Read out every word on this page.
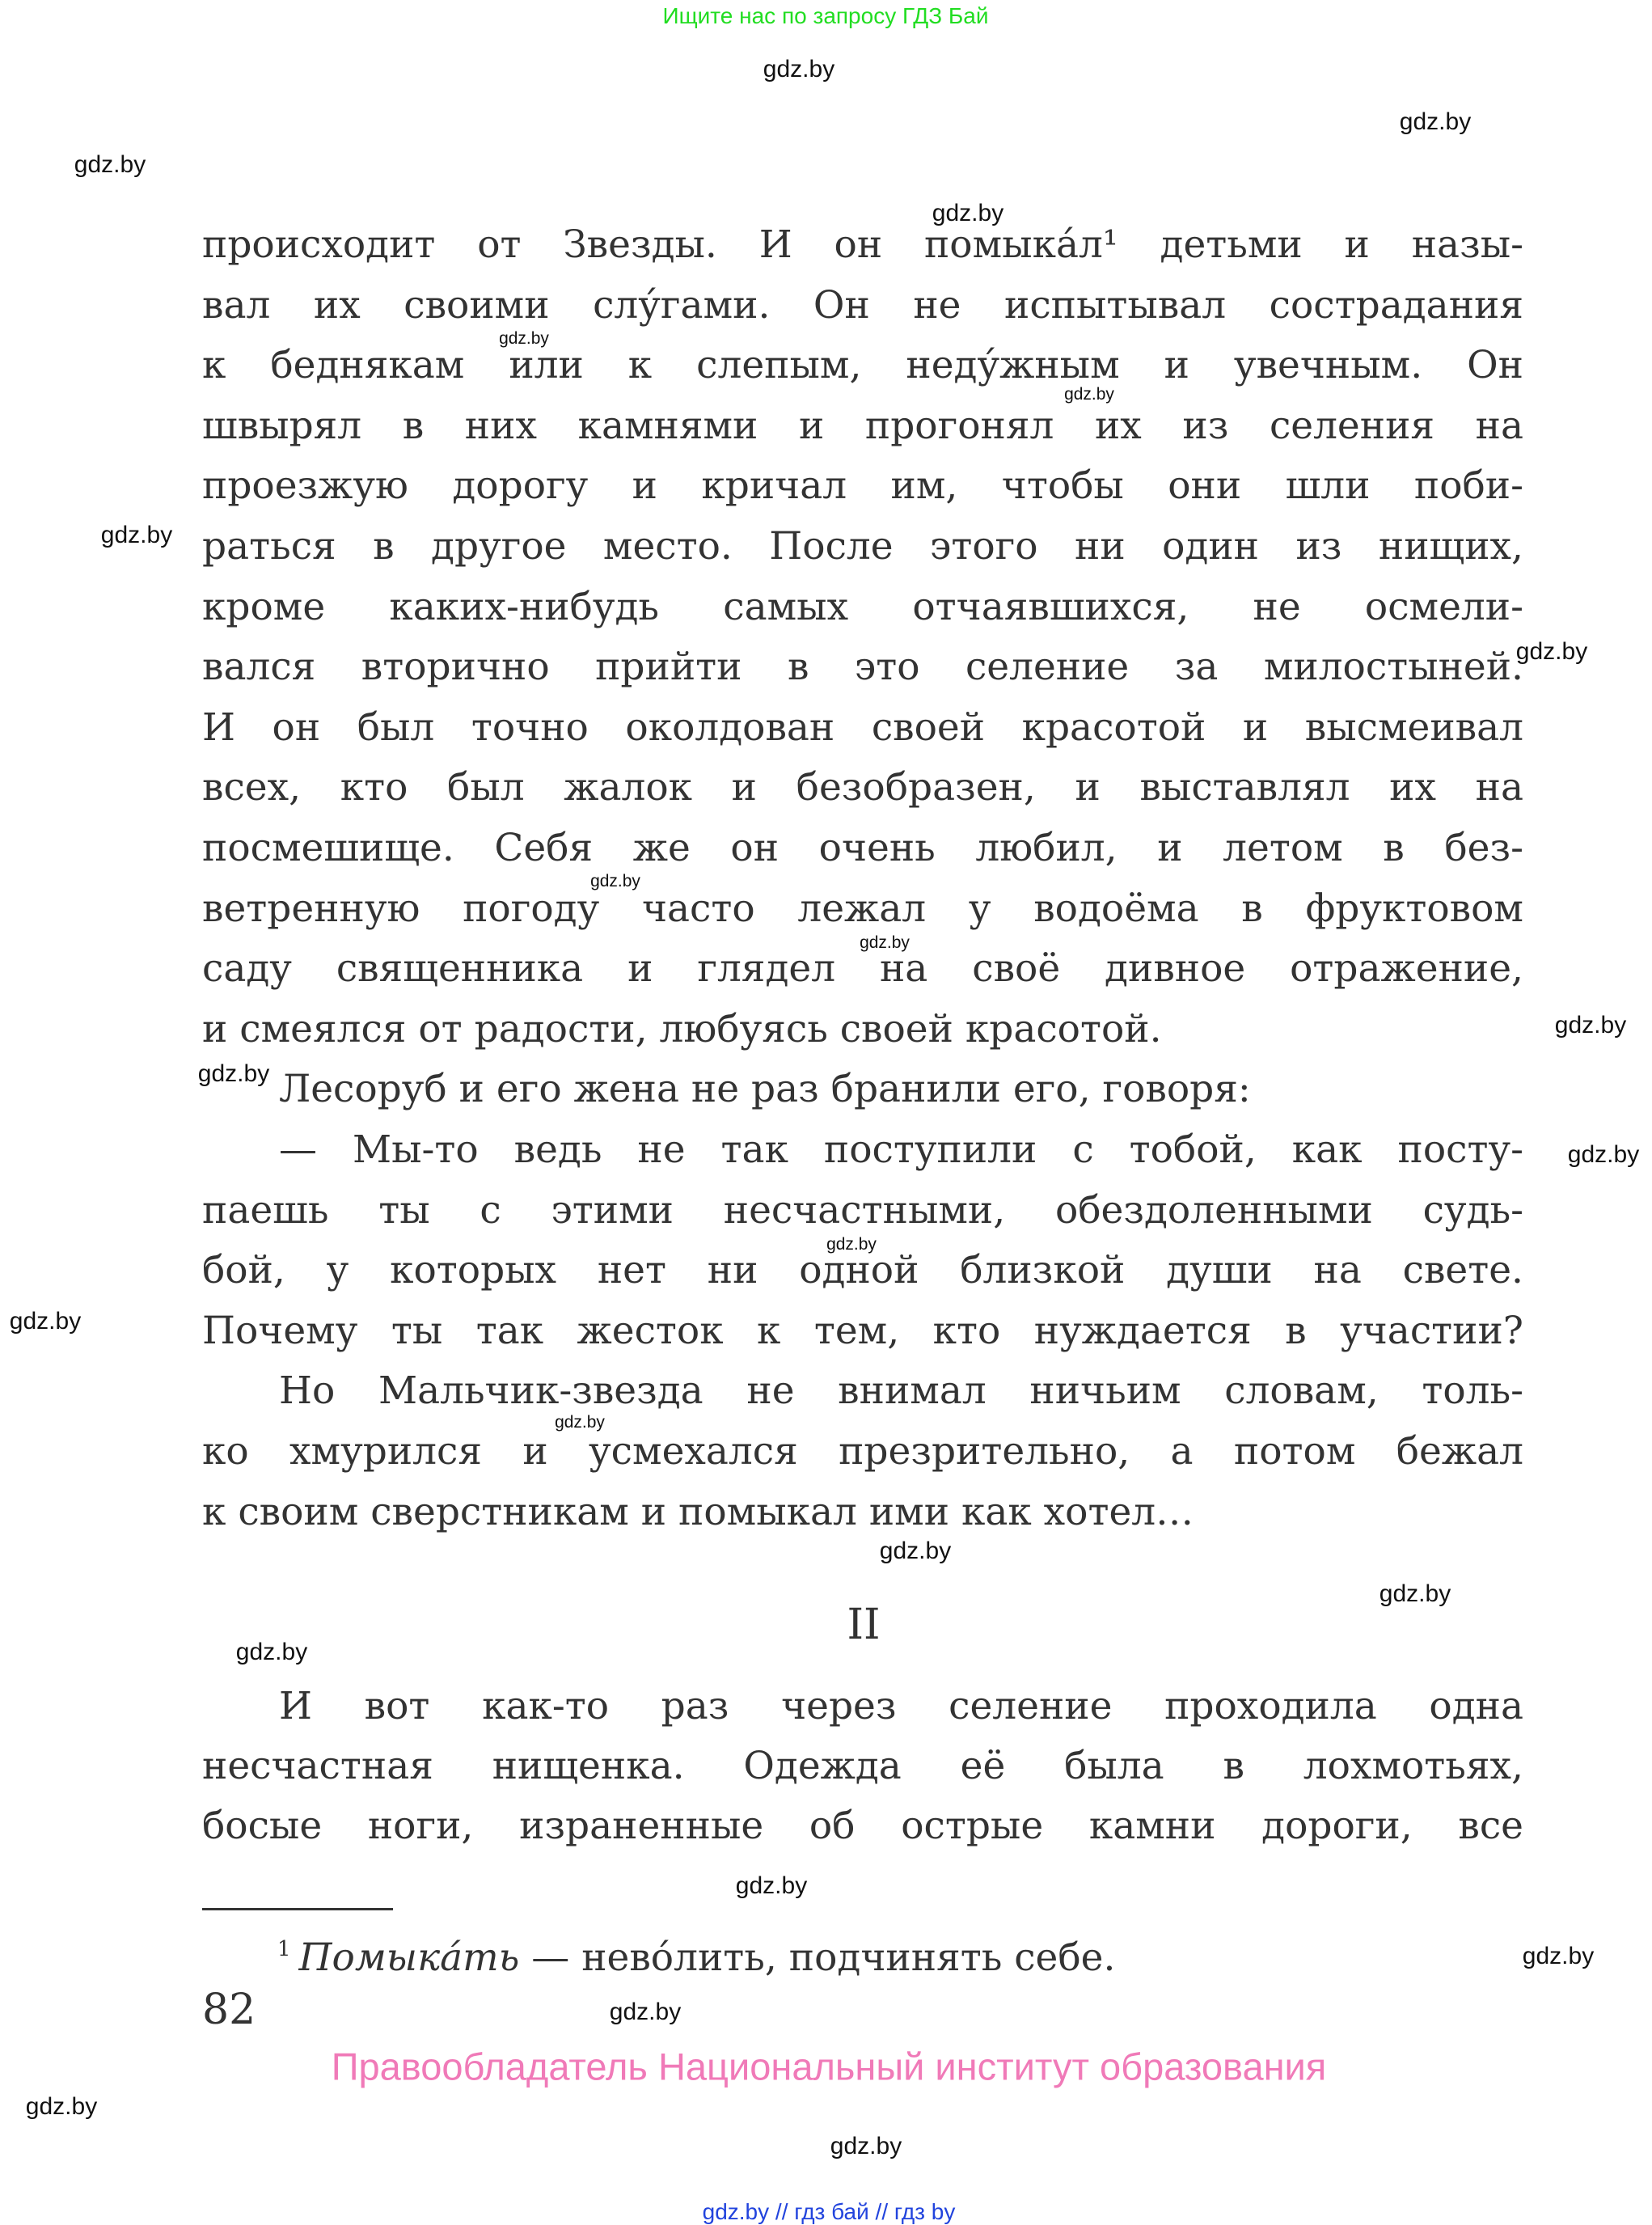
Ищите нас по запросу ГДЗ Бай
происходит от Звезды. И он помыка́л¹ детьми и назы-
вал их своими слу́гами. Он не испытывал сострадания
к беднякам или к слепым, неду́жным и увечным. Он
швырял в них камнями и прогонял их из селения на
проезжую дорогу и кричал им, чтобы они шли поби-
раться в другое место. После этого ни один из нищих,
кроме каких-нибудь самых отчаявшихся, не осмели-
вался вторично прийти в это селение за милостыней.
И он был точно околдован своей красотой и высмеивал
всех, кто был жалок и безобразен, и выставлял их на
посмешище. Себя же он очень любил, и летом в без-
ветренную погоду часто лежал у водоёма в фруктовом
саду священника и глядел на своё дивное отражение,
и смеялся от радости, любуясь своей красотой.
Лесоруб и его жена не раз бранили его, говоря:
— Мы-то ведь не так поступили с тобой, как посту-
паешь ты с этими несчастными, обездоленными судь-
бой, у которых нет ни одной близкой души на свете.
Почему ты так жесток к тем, кто нуждается в участии?
Но Мальчик-звезда не внимал ничьим словам, толь-
ко хмурился и усмехался презрительно, а потом бежал
к своим сверстникам и помыкал ими как хотел…
И вот как-то раз через селение проходила одна
несчастная нищенка. Одежда её была в лохмотьях,
босые ноги, израненные об острые камни дороги, все
II
$^1$ Помыка́ть — нево́лить, подчинять себе.
82
Правообладатель Национальный институт образования
gdz.by // гдз бай // гдз by
gdz.by
gdz.by
gdz.by
gdz.by
gdz.by
gdz.by
gdz.by
gdz.by
gdz.by
gdz.by
gdz.by
gdz.by
gdz.by
gdz.by
gdz.by
gdz.by
gdz.by
gdz.by
gdz.by
gdz.by
gdz.by
gdz.by
gdz.by
gdz.by
